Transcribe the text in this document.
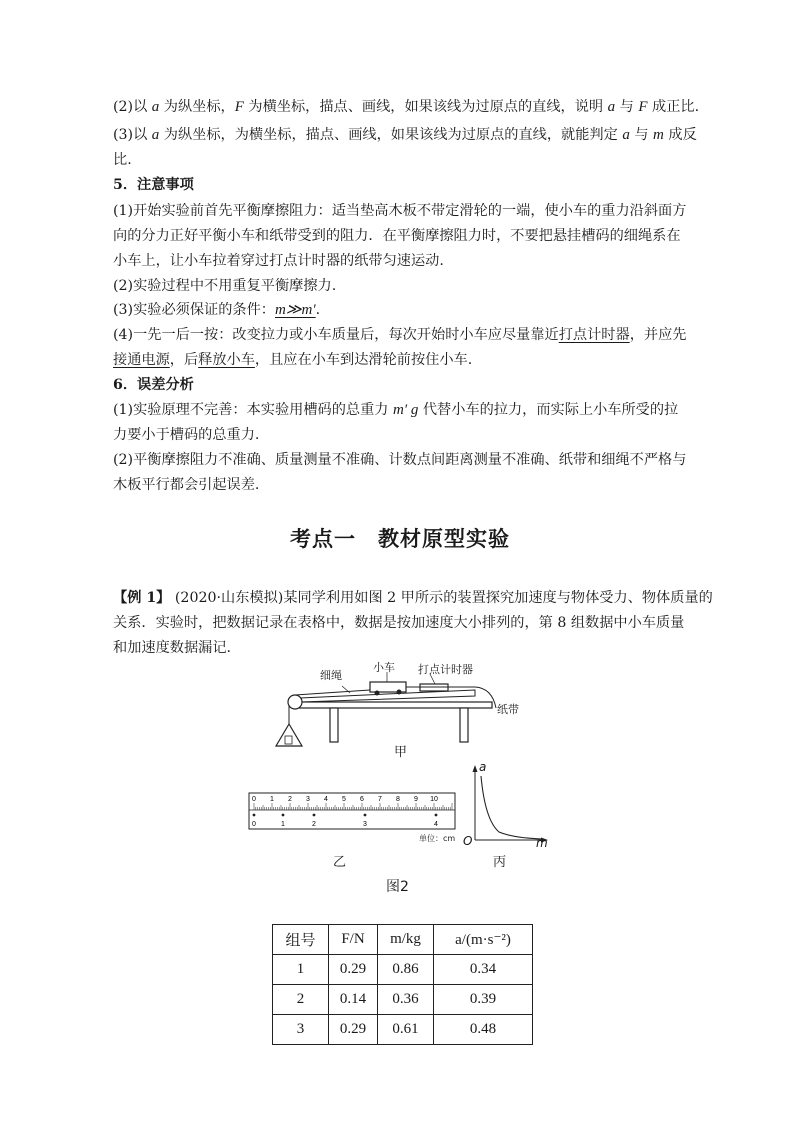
(2)以 a 为纵坐标，F 为横坐标，描点、画线，如果该线为过原点的直线，说明 a 与 F 成正比.
(3)以 a 为纵坐标，为横坐标，描点、画线，如果该线为过原点的直线，就能判定 a 与 m 成反
比.
5．注意事项
(1)开始实验前首先平衡摩擦阻力：适当垫高木板不带定滑轮的一端，使小车的重力沿斜面方
向的分力正好平衡小车和纸带受到的阻力．在平衡摩擦阻力时，不要把悬挂槽码的细绳系在
小车上，让小车拉着穿过打点计时器的纸带匀速运动.
(2)实验过程中不用重复平衡摩擦力.
(3)实验必须保证的条件：m≫m′.
(4)一先一后一按：改变拉力或小车质量后，每次开始时小车应尽量靠近打点计时器，并应先
接通电源，后释放小车，且应在小车到达滑轮前按住小车.
6．误差分析
(1)实验原理不完善：本实验用槽码的总重力 m′ g 代替小车的拉力，而实际上小车所受的拉
力要小于槽码的总重力.
(2)平衡摩擦阻力不准确、质量测量不准确、计数点间距离测量不准确、纸带和细绳不严格与
木板平行都会引起误差.
考点一　教材原型实验
【例 1】 (2020·山东模拟)某同学利用如图 2 甲所示的装置探究加速度与物体受力、物体质量的
关系．实验时，把数据记录在表格中，数据是按加速度大小排列的，第 8 组数据中小车质量
和加速度数据漏记.
细绳
小车 打点计时器
纸带
甲
0 1 2 3 4 5 6 7 8 9 10
0	1	2	3	4
单位：cm
乙
a
m
O
丙
图2
组号	F/N	m/kg	a/(m·s⁻²)
1	0.29	0.86	0.34
2	0.14	0.36	0.39
3	0.29	0.61	0.48
